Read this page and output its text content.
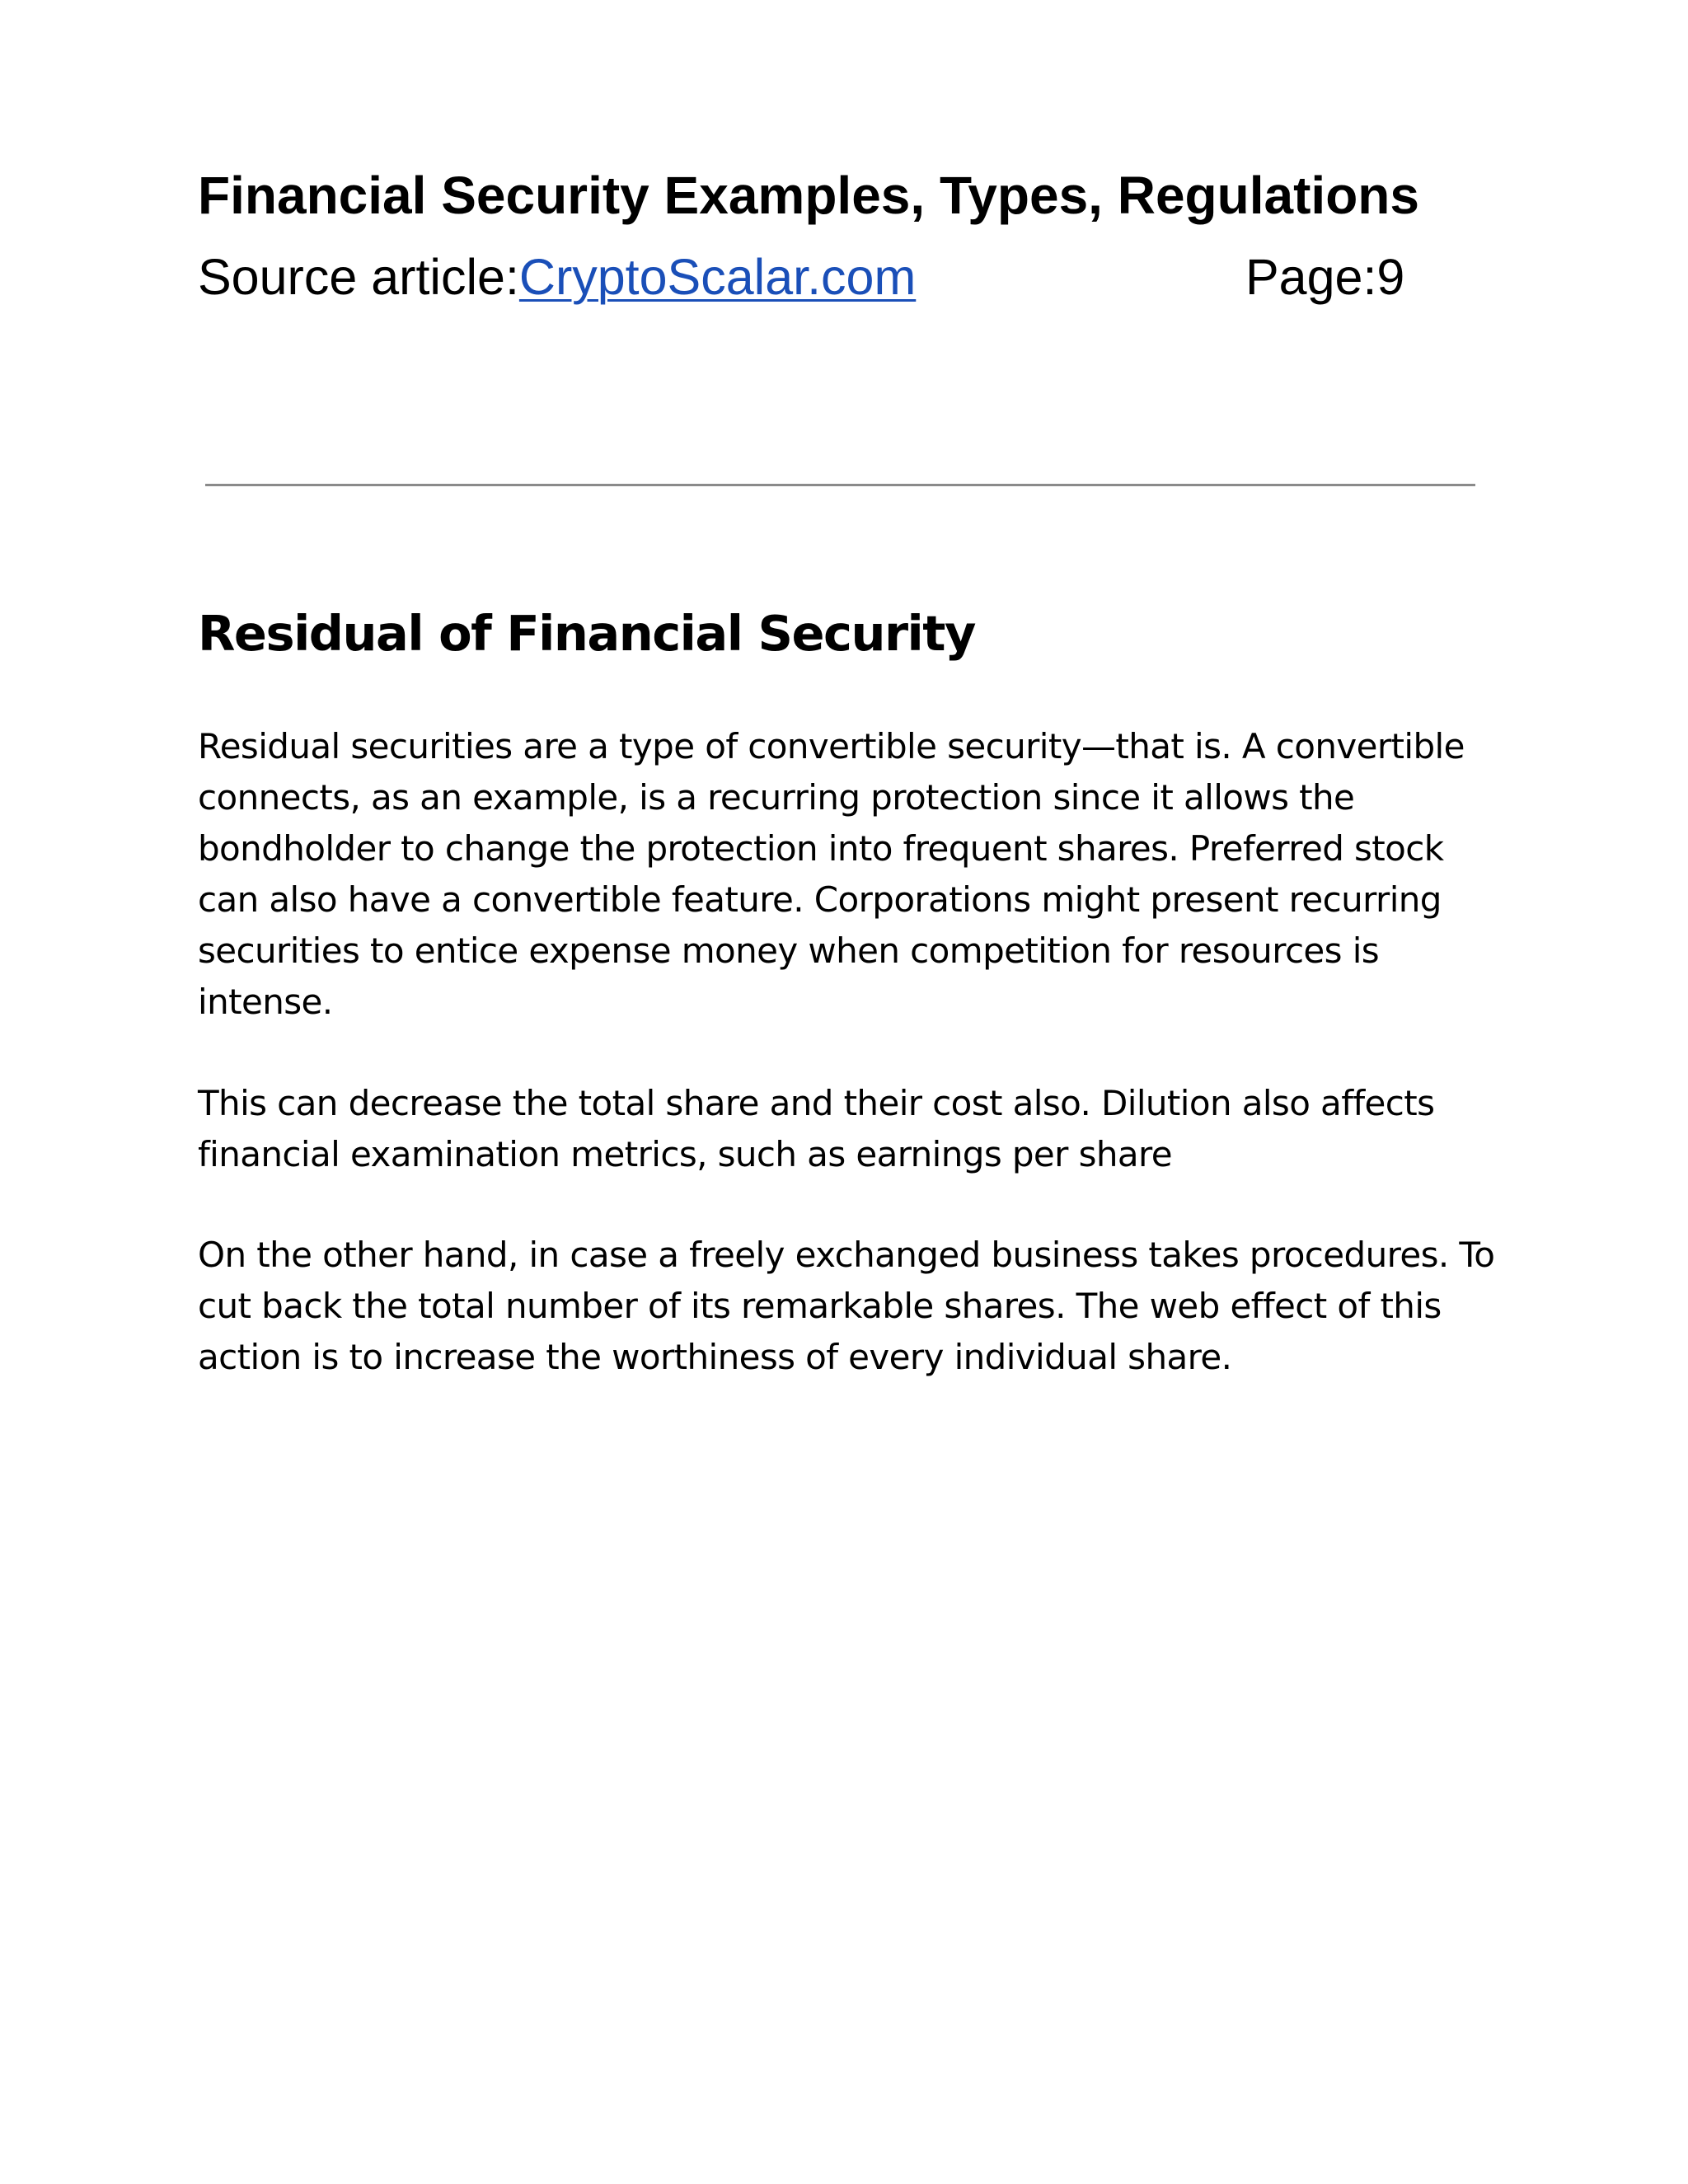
Financial Security Examples, Types, Regulations
Source article:CryptoScalar.com	Page:9
Residual of Financial Security

Residual securities are a type of convertible security—that is. A convertible connects, as an example, is a recurring protection since it allows the bondholder to change the protection into frequent shares. Preferred stock can also have a convertible feature. Corporations might present recurring securities to entice expense money when competition for resources is intense.

This can decrease the total share and their cost also. Dilution also affects financial examination metrics, such as earnings per share

On the other hand, in case a freely exchanged business takes procedures. To cut back the total number of its remarkable shares. The web effect of this action is to increase the worthiness of every individual share.
